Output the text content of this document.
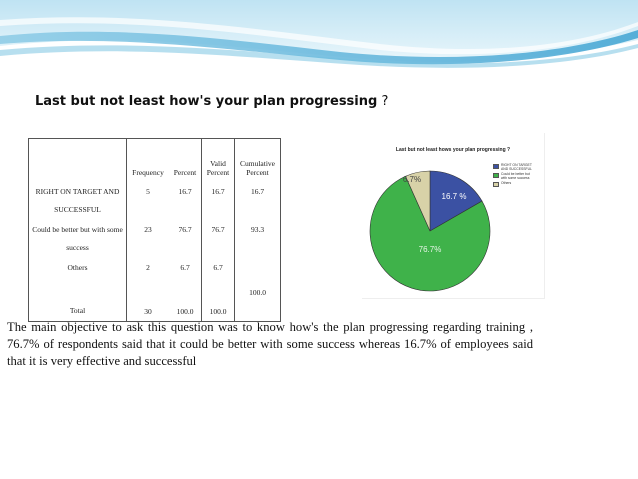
Last but not least how's your plan progressing ?
	Frequency	Percent	Valid Percent	Cumulative Percent
RIGHT ON TARGET AND SUCCESSFUL	5	16.7	16.7	16.7
Could be better but with some success	23	76.7	76.7	93.3
Others	2	6.7	6.7	100.0
Total	30	100.0	100.0	
16.7 %
76.7%
6.7%
Last but not least hows your plan progressing ?
RIGHT ON TARGET AND SUCCESSFUL
Could be better but with some success
Others
The main objective to ask this question was to know how's the plan progressing regarding training , 76.7% of respondents said that it could be better with some success whereas 16.7% of employees said that it is very effective and successful
